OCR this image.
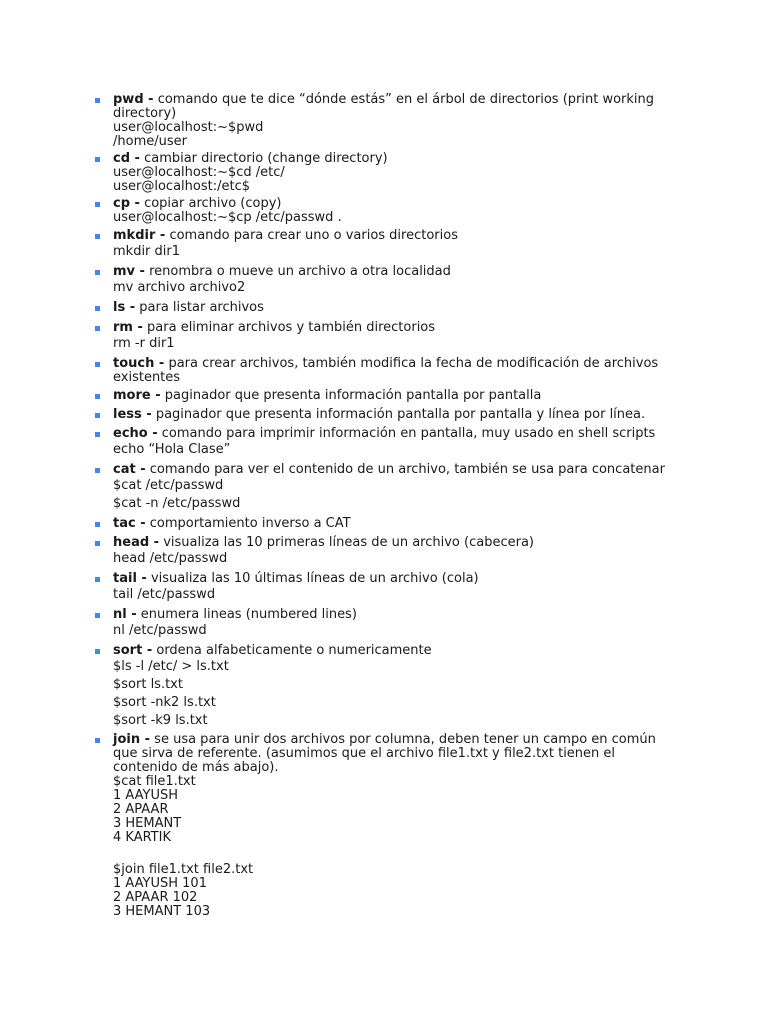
pwd - comando que te dice “dónde estás” en el árbol de directorios (print working directory)
user@localhost:~$pwd
/home/user
cd - cambiar directorio (change directory)
user@localhost:~$cd /etc/
user@localhost:/etc$
cp - copiar archivo (copy)
user@localhost:~$cp /etc/passwd .
mkdir - comando para crear uno o varios directorios
mkdir dir1
mv - renombra o mueve un archivo a otra localidad
mv archivo archivo2
ls - para listar archivos
rm - para eliminar archivos y también directorios
rm -r dir1
touch - para crear archivos, también modifica la fecha de modificación de archivos existentes
more - paginador que presenta información pantalla por pantalla
less - paginador que presenta información pantalla por pantalla y línea por línea.
echo - comando para imprimir información en pantalla, muy usado en shell scripts
echo “Hola Clase”
cat - comando para ver el contenido de un archivo, también se usa para concatenar
$cat /etc/passwd
$cat -n /etc/passwd
tac - comportamiento inverso a CAT
head - visualiza las 10 primeras líneas de un archivo (cabecera)
head /etc/passwd
tail - visualiza las 10 últimas líneas de un archivo (cola)
tail /etc/passwd
nl - enumera lineas (numbered lines)
nl /etc/passwd
sort - ordena alfabeticamente o numericamente
$ls -l /etc/ > ls.txt
$sort ls.txt
$sort -nk2 ls.txt
$sort -k9 ls.txt
join - se usa para unir dos archivos por columna, deben tener un campo en común que sirva de referente. (asumimos que el archivo file1.txt y file2.txt tienen el contenido de más abajo).
$cat file1.txt
1 AAYUSH
2 APAAR
3 HEMANT
4 KARTIK
$join file1.txt file2.txt
1 AAYUSH 101
2 APAAR 102
3 HEMANT 103
